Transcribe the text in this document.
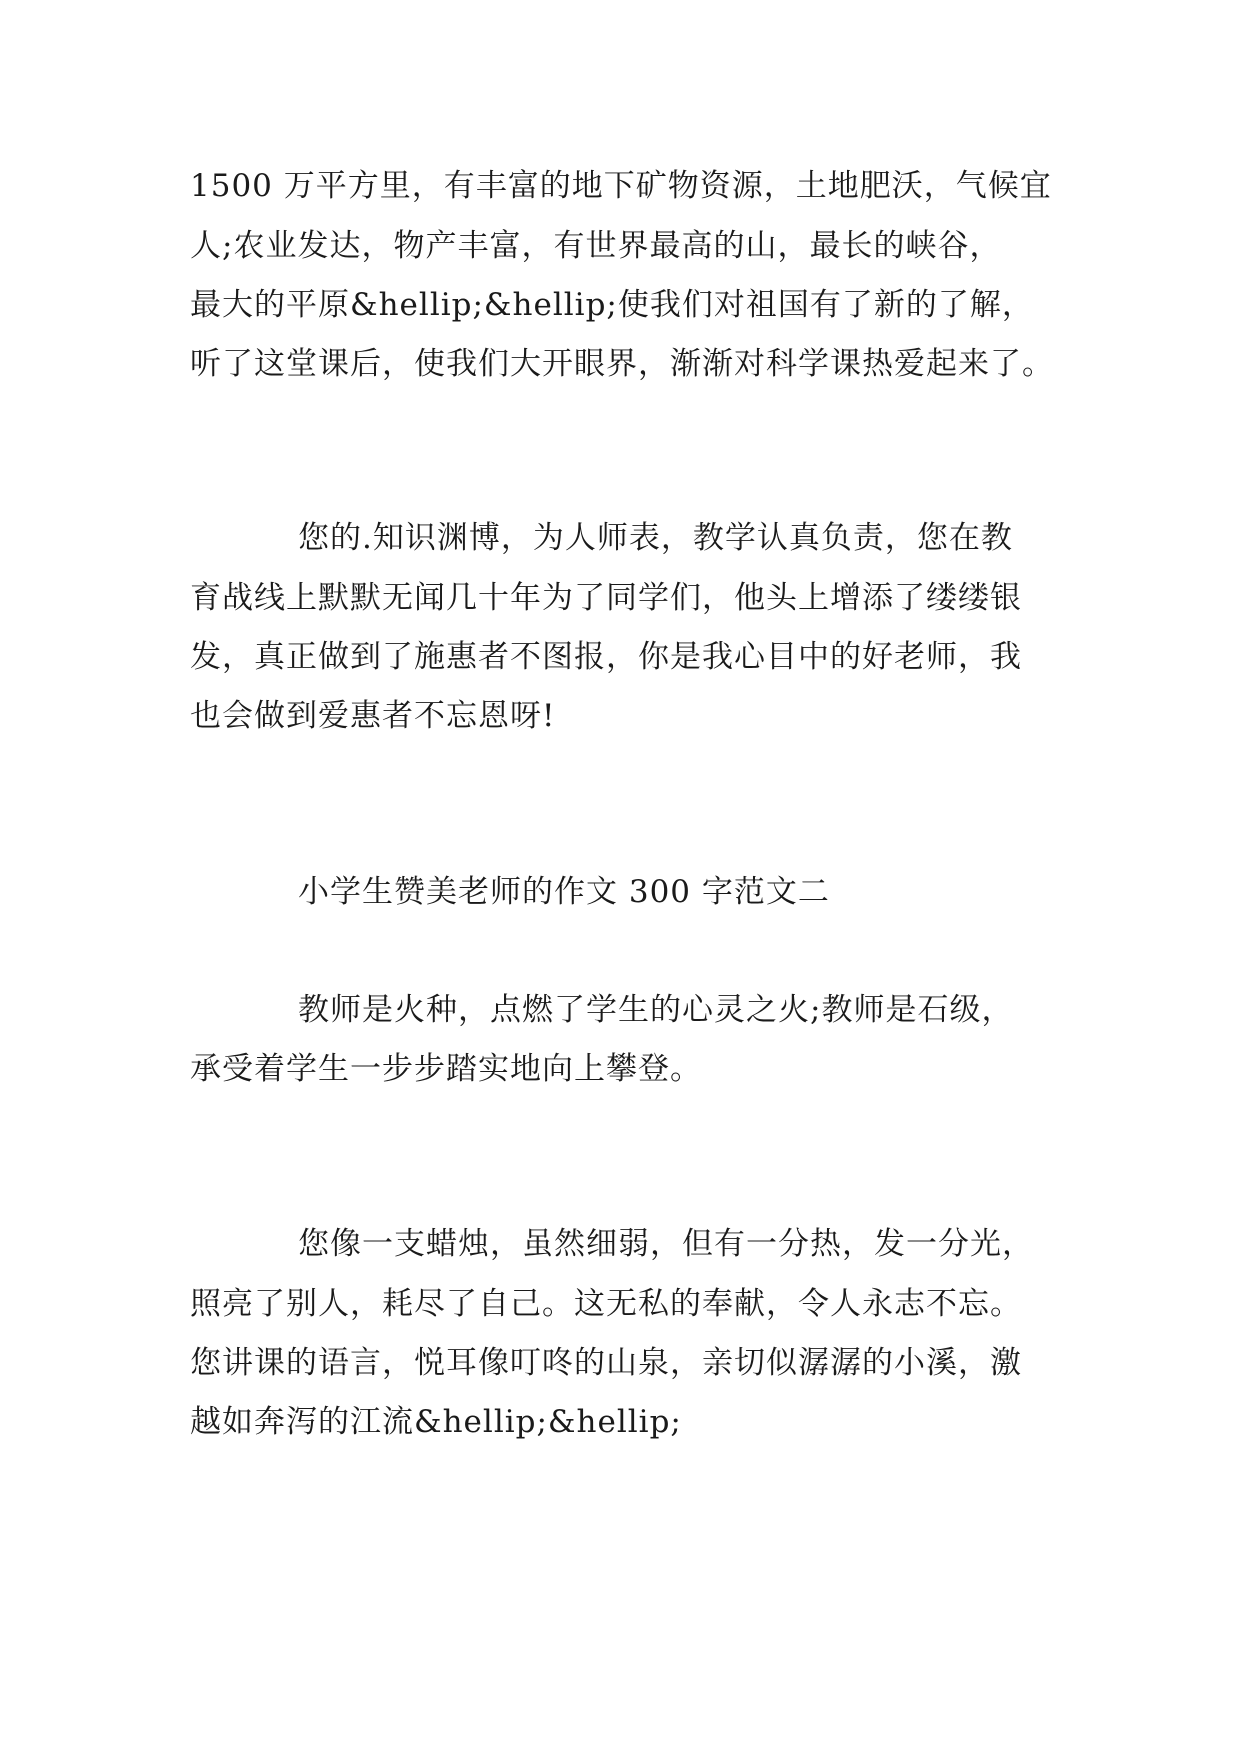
1500 万平方里，有丰富的地下矿物资源，土地肥沃，气候宜
人;农业发达，物产丰富，有世界最高的山，最长的峡谷，
最大的平原&hellip;&hellip;使我们对祖国有了新的了解，
听了这堂课后，使我们大开眼界，渐渐对科学课热爱起来了。
您的.知识渊博，为人师表，教学认真负责，您在教
育战线上默默无闻几十年为了同学们，他头上增添了缕缕银
发，真正做到了施惠者不图报，你是我心目中的好老师，我
也会做到爱惠者不忘恩呀!
小学生赞美老师的作文 300 字范文二
教师是火种，点燃了学生的心灵之火;教师是石级，
承受着学生一步步踏实地向上攀登。
您像一支蜡烛，虽然细弱，但有一分热，发一分光，
照亮了别人，耗尽了自己。这无私的奉献，令人永志不忘。
您讲课的语言，悦耳像叮咚的山泉，亲切似潺潺的小溪，激
越如奔泻的江流&hellip;&hellip;
